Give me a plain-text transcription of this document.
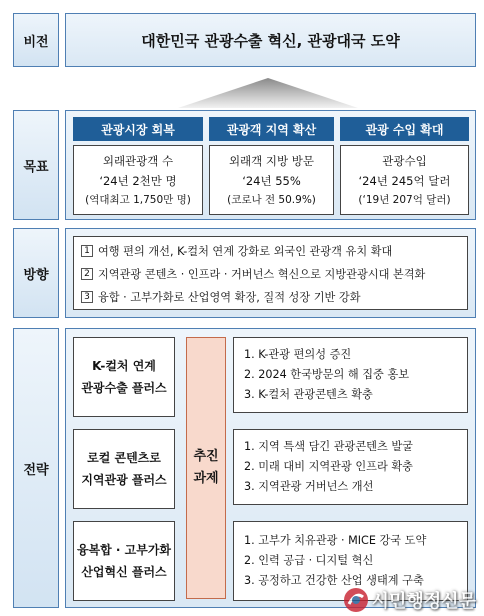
비전	대한민국 관광수출 혁신, 관광대국 도약
목표
관광시장 회복
외래관광객 수
‘24년 2천만 명
(역대최고 1,750만 명)
관광객 지역 확산
외래객 지방 방문
‘24년 55%
(코로나 전 50.9%)
관광 수입 확대
관광수입
‘24년 245억 달러
(‘19년 207억 달러)
방향
1 여행 편의 개선, K-컬처 연계 강화로 외국인 관광객 유치 확대
2 지역관광 콘텐츠 · 인프라 · 거버넌스 혁신으로 지방관광시대 본격화
3 융합 · 고부가화로 산업영역 확장, 질적 성장 기반 강화
전략
K-컬처 연계
관광수출 플러스
로컬 콘텐츠로
지역관광 플러스
융복합 · 고부가화
산업혁신 플러스
추진
과제
1. K-관광 편의성 증진
2. 2024 한국방문의 해 집중 홍보
3. K-컬처 관광콘텐츠 확충
1. 지역 특색 담긴 관광콘텐츠 발굴
2. 미래 대비 지역관광 인프라 확충
3. 지역관광 거버넌스 개선
1. 고부가 치유관광 · MICE 강국 도약
2. 인력 공급 · 디지털 혁신
3. 공정하고 건강한 산업 생태계 구축
시민행정신문
